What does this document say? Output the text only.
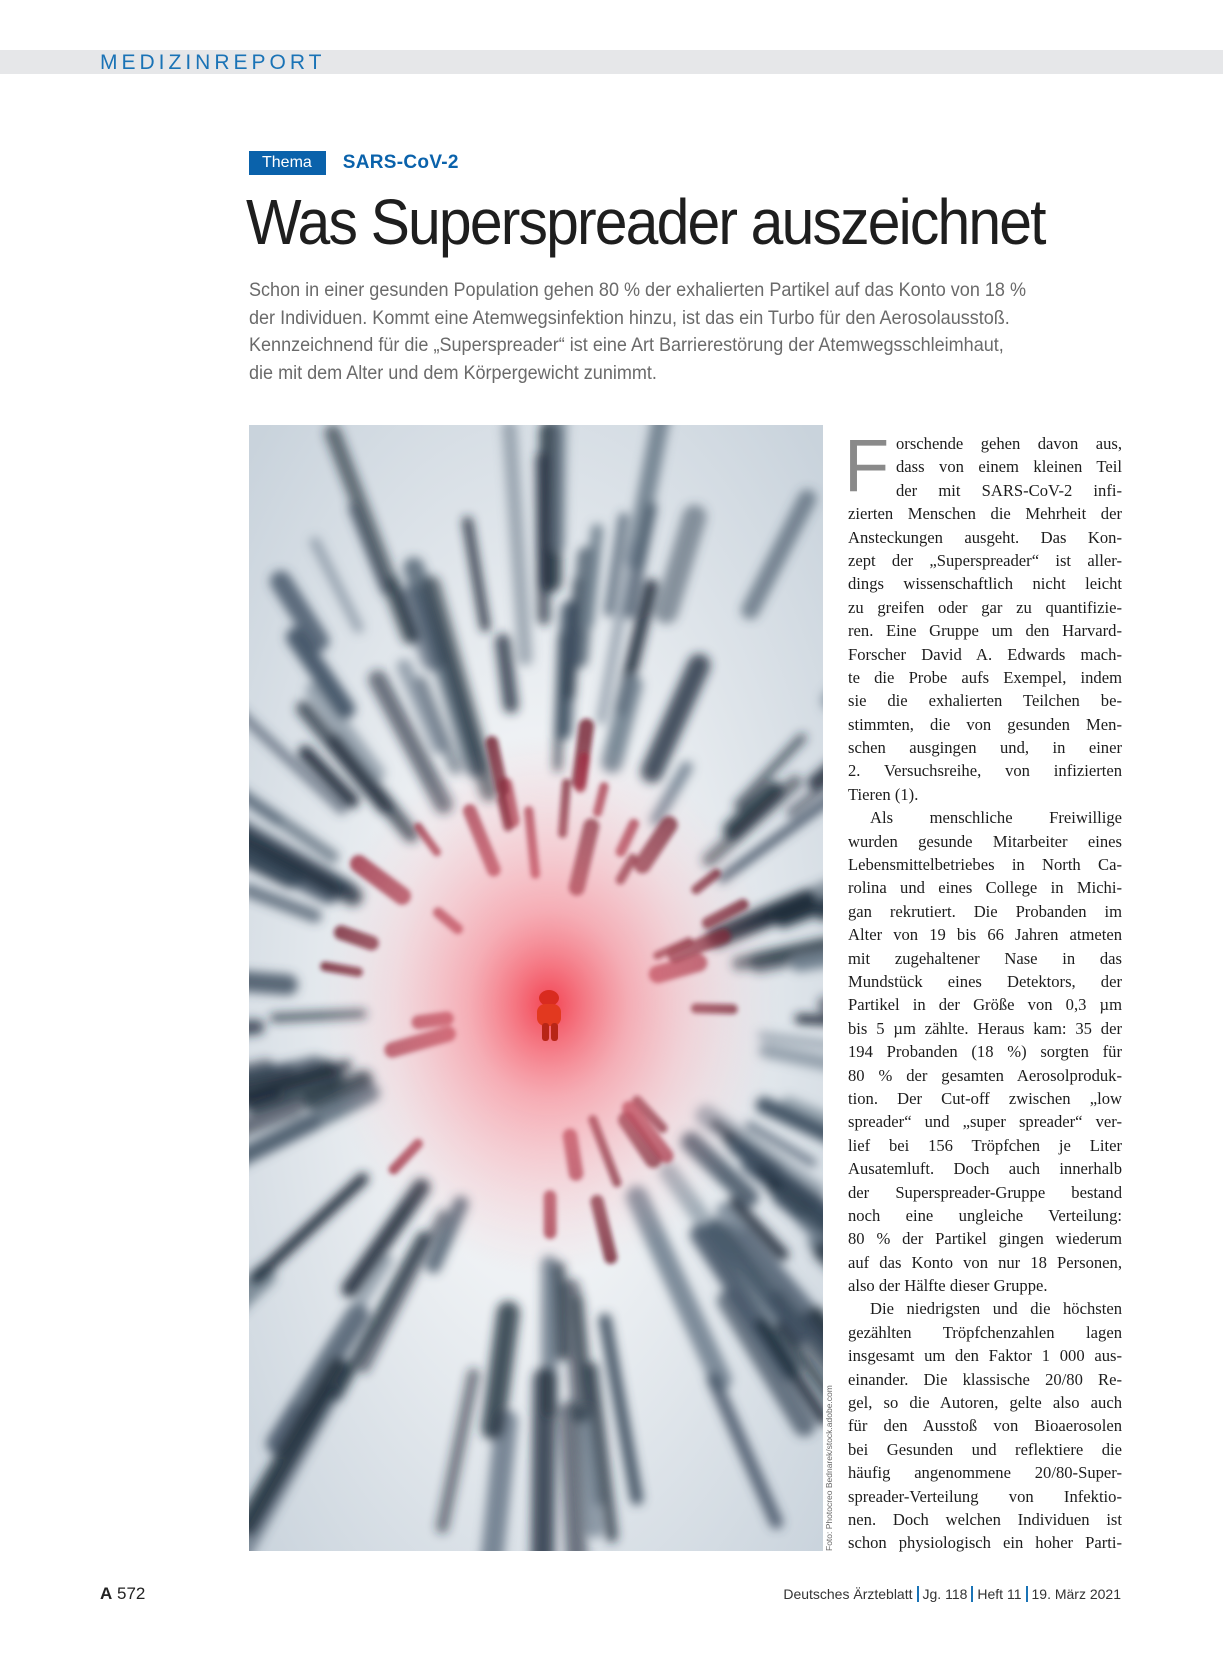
MEDIZINREPORT
Thema	SARS-CoV-2
Was Superspreader auszeichnet

Schon in einer gesunden Population gehen 80 % der exhalierten Partikel auf das Konto von 18 %
der Individuen. Kommt eine Atemwegsinfektion hinzu, ist das ein Turbo für den Aerosolausstoß.
Kennzeichnend für die „Superspreader“ ist eine Art Barrierestörung der Atemwegsschleimhaut,
die mit dem Alter und dem Körpergewicht zunimmt.

Foto: Photocreo Bednarek/stock.adobe.com
F orschende gehen davon aus,
dass von einem kleinen Teil
der mit SARS-CoV-2 infi-
zierten Menschen die Mehrheit der
Ansteckungen ausgeht. Das Kon-
zept der „Superspreader“ ist aller-
dings wissenschaftlich nicht leicht
zu greifen oder gar zu quantifizie-
ren. Eine Gruppe um den Harvard-
Forscher David A. Edwards mach-
te die Probe aufs Exempel, indem
sie die exhalierten Teilchen be-
stimmten, die von gesunden Men-
schen ausgingen und, in einer
2. Versuchsreihe, von infizierten
Tieren (1).
Als menschliche Freiwillige
wurden gesunde Mitarbeiter eines
Lebensmittelbetriebes in North Ca-
rolina und eines College in Michi-
gan rekrutiert. Die Probanden im
Alter von 19 bis 66 Jahren atmeten
mit zugehaltener Nase in das
Mundstück eines Detektors, der
Partikel in der Größe von 0,3 µm
bis 5 µm zählte. Heraus kam: 35 der
194 Probanden (18 %) sorgten für
80 % der gesamten Aerosolproduk-
tion. Der Cut-off zwischen „low
spreader“ und „super spreader“ ver-
lief bei 156 Tröpfchen je Liter
Ausatemluft. Doch auch innerhalb
der Superspreader-Gruppe bestand
noch eine ungleiche Verteilung:
80 % der Partikel gingen wiederum
auf das Konto von nur 18 Personen,
also der Hälfte dieser Gruppe.
Die niedrigsten und die höchsten
gezählten Tröpfchenzahlen lagen
insgesamt um den Faktor 1 000 aus-
einander. Die klassische 20/80 Re-
gel, so die Autoren, gelte also auch
für den Ausstoß von Bioaerosolen
bei Gesunden und reflektiere die
häufig angenommene 20/80-Super-
spreader-Verteilung von Infektio-
nen. Doch welchen Individuen ist
schon physiologisch ein hoher Parti-
A 572	Deutsches Ärzteblatt Jg. 118 Heft 11 19. März 2021
